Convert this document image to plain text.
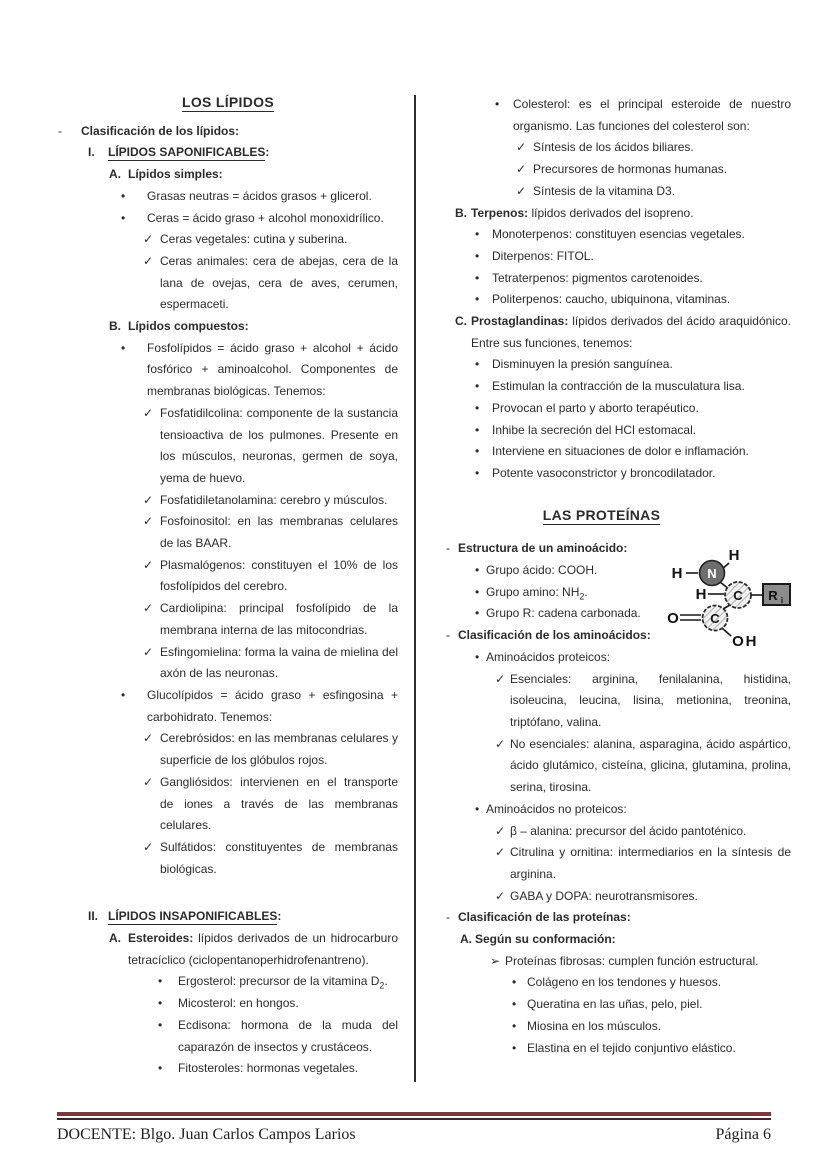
LOS LÍPIDOS
-	Clasificación de los lípidos:
I.	LÍPIDOS SAPONIFICABLES:
A. Lípidos simples:
•	Grasas neutras = ácidos grasos + glicerol.
•	Ceras = ácido graso + alcohol monoxidrílico.
✓ Ceras vegetales: cutina y suberina.
✓ Ceras animales: cera de abejas, cera de la lana de ovejas, cera de aves, cerumen, espermaceti.
B. Lípidos compuestos:
•	Fosfolípidos = ácido graso + alcohol + ácido fosfórico + aminoalcohol. Componentes de membranas biológicas. Tenemos:
✓ Fosfatidilcolina: componente de la sustancia tensioactiva de los pulmones. Presente en los músculos, neuronas, germen de soya, yema de huevo.
✓ Fosfatidiletanolamina: cerebro y músculos.
✓ Fosfoinositol: en las membranas celulares de las BAAR.
✓ Plasmalógenos: constituyen el 10% de los fosfolípidos del cerebro.
✓ Cardiolipina: principal fosfolípido de la membrana interna de las mitocondrias.
✓ Esfingomielina: forma la vaina de mielina del axón de las neuronas.
•	Glucolípidos = ácido graso + esfingosina + carbohidrato. Tenemos:
✓ Cerebrósidos: en las membranas celulares y superficie de los glóbulos rojos.
✓ Gangliósidos: intervienen en el transporte de iones a través de las membranas celulares.
✓ Sulfátidos: constituyentes de membranas biológicas.
II. LÍPIDOS INSAPONIFICABLES:
A. Esteroides: lípidos derivados de un hidrocarburo tetracíclico (ciclopentanoperhidrofenantreno).
•	Ergosterol: precursor de la vitamina $D_2$.
•	Micosterol: en hongos.
•	Ecdisona: hormona de la muda del caparazón de insectos y crustáceos.
•	Fitosteroles: hormonas vegetales.
•	Colesterol: es el principal esteroide de nuestro organismo. Las funciones del colesterol son:
✓ Síntesis de los ácidos biliares.
✓ Precursores de hormonas humanas.
✓ Síntesis de la vitamina D3.
B. Terpenos: lípidos derivados del isopreno.
•	Monoterpenos: constituyen esencias vegetales.
•	Diterpenos: FITOL.
•	Tetraterpenos: pigmentos carotenoides.
•	Politerpenos: caucho, ubiquinona, vitaminas.
C. Prostaglandinas: lípidos derivados del ácido araquidónico. Entre sus funciones, tenemos:
•	Disminuyen la presión sanguínea.
•	Estimulan la contracción de la musculatura lisa.
•	Provocan el parto y aborto terapéutico.
•	Inhibe la secreción del HCl estomacal.
•	Interviene en situaciones de dolor e inflamación.
•	Potente vasoconstrictor y broncodilatador.
LAS PROTEÍNAS
- Estructura de un aminoácido:
• Grupo ácido: COOH.
• Grupo amino: $NH_2$.
• Grupo R: cadena carbonada.
- Clasificación de los aminoácidos:
• Aminoácidos proteicos:
✓ Esenciales: arginina, fenilalanina, histidina, isoleucina, leucina, lisina, metionina, treonina, triptófano, valina.
✓ No esenciales: alanina, asparagina, ácido aspártico, ácido glutámico, cisteína, glicina, glutamina, prolina, serina, tirosina.
• Aminoácidos no proteicos:
✓ β – alanina: precursor del ácido pantoténico.
✓ Citrulina y ornitina: intermediarios en la síntesis de arginina.
✓ GABA y DOPA: neurotransmisores.
- Clasificación de las proteínas:
A. Según su conformación:
➢ Proteínas fibrosas: cumplen función estructural.
• Colágeno en los tendones y huesos.
• Queratina en las uñas, pelo, piel.
• Miosina en los músculos.
• Elastina en el tejido conjuntivo elástico.
H
H N
H C
C
O
O H
R i
DOCENTE: Blgo. Juan Carlos Campos Larios	Página 6
